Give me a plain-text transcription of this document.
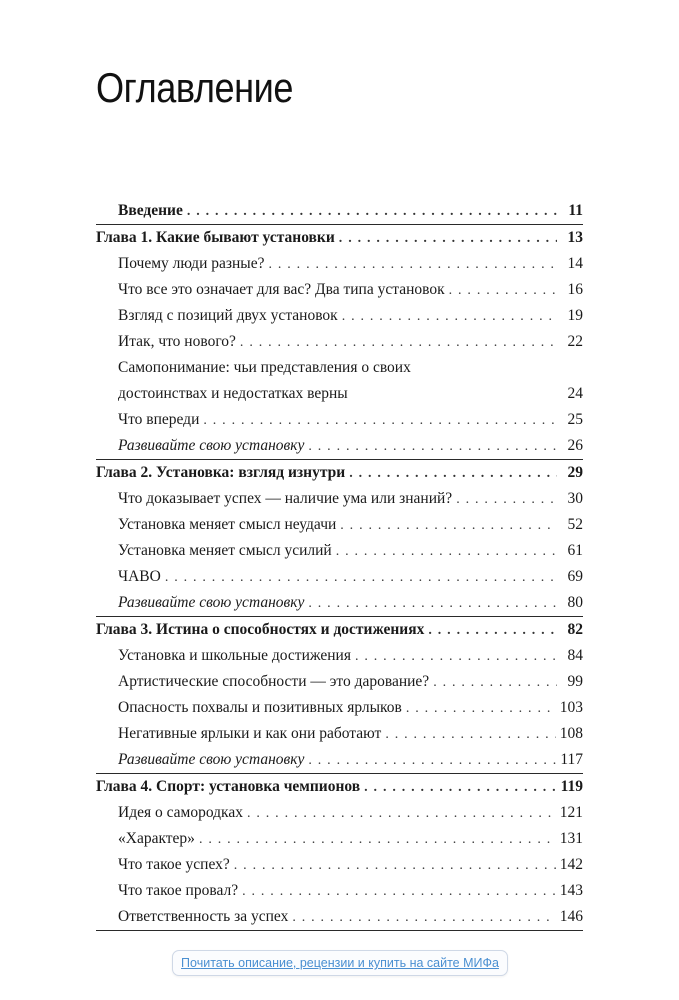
Оглавление
Введение . . .	11
Глава 1. Какие бывают установки . . .	13
Почему люди разные? . . .	14
Что все это означает для вас? Два типа установок . . .	16
Взгляд с позиций двух установок . . .	19
Итак, что нового? . . .	22
Самопонимание: чьи представления о своих
достоинствах и недостатках верны	24
Что впереди . . .	25
Развивайте свою установку . . .	26
Глава 2. Установка: взгляд изнутри . . .	29
Что доказывает успех — наличие ума или знаний? . . .	30
Установка меняет смысл неудачи . . .	52
Установка меняет смысл усилий . . .	61
ЧАВО . . .	69
Развивайте свою установку . . .	80
Глава 3. Истина о способностях и достижениях . . .	82
Установка и школьные достижения . . .	84
Артистические способности — это дарование? . . .	99
Опасность похвалы и позитивных ярлыков . . .	103
Негативные ярлыки и как они работают . . .	108
Развивайте свою установку . . .	117
Глава 4. Спорт: установка чемпионов . . .	119
Идея о самородках . . .	121
«Характер» . . .	131
Что такое успех? . . .	142
Что такое провал? . . .	143
Ответственность за успех . . .	146
Почитать описание, рецензии и купить на сайте МИФа
